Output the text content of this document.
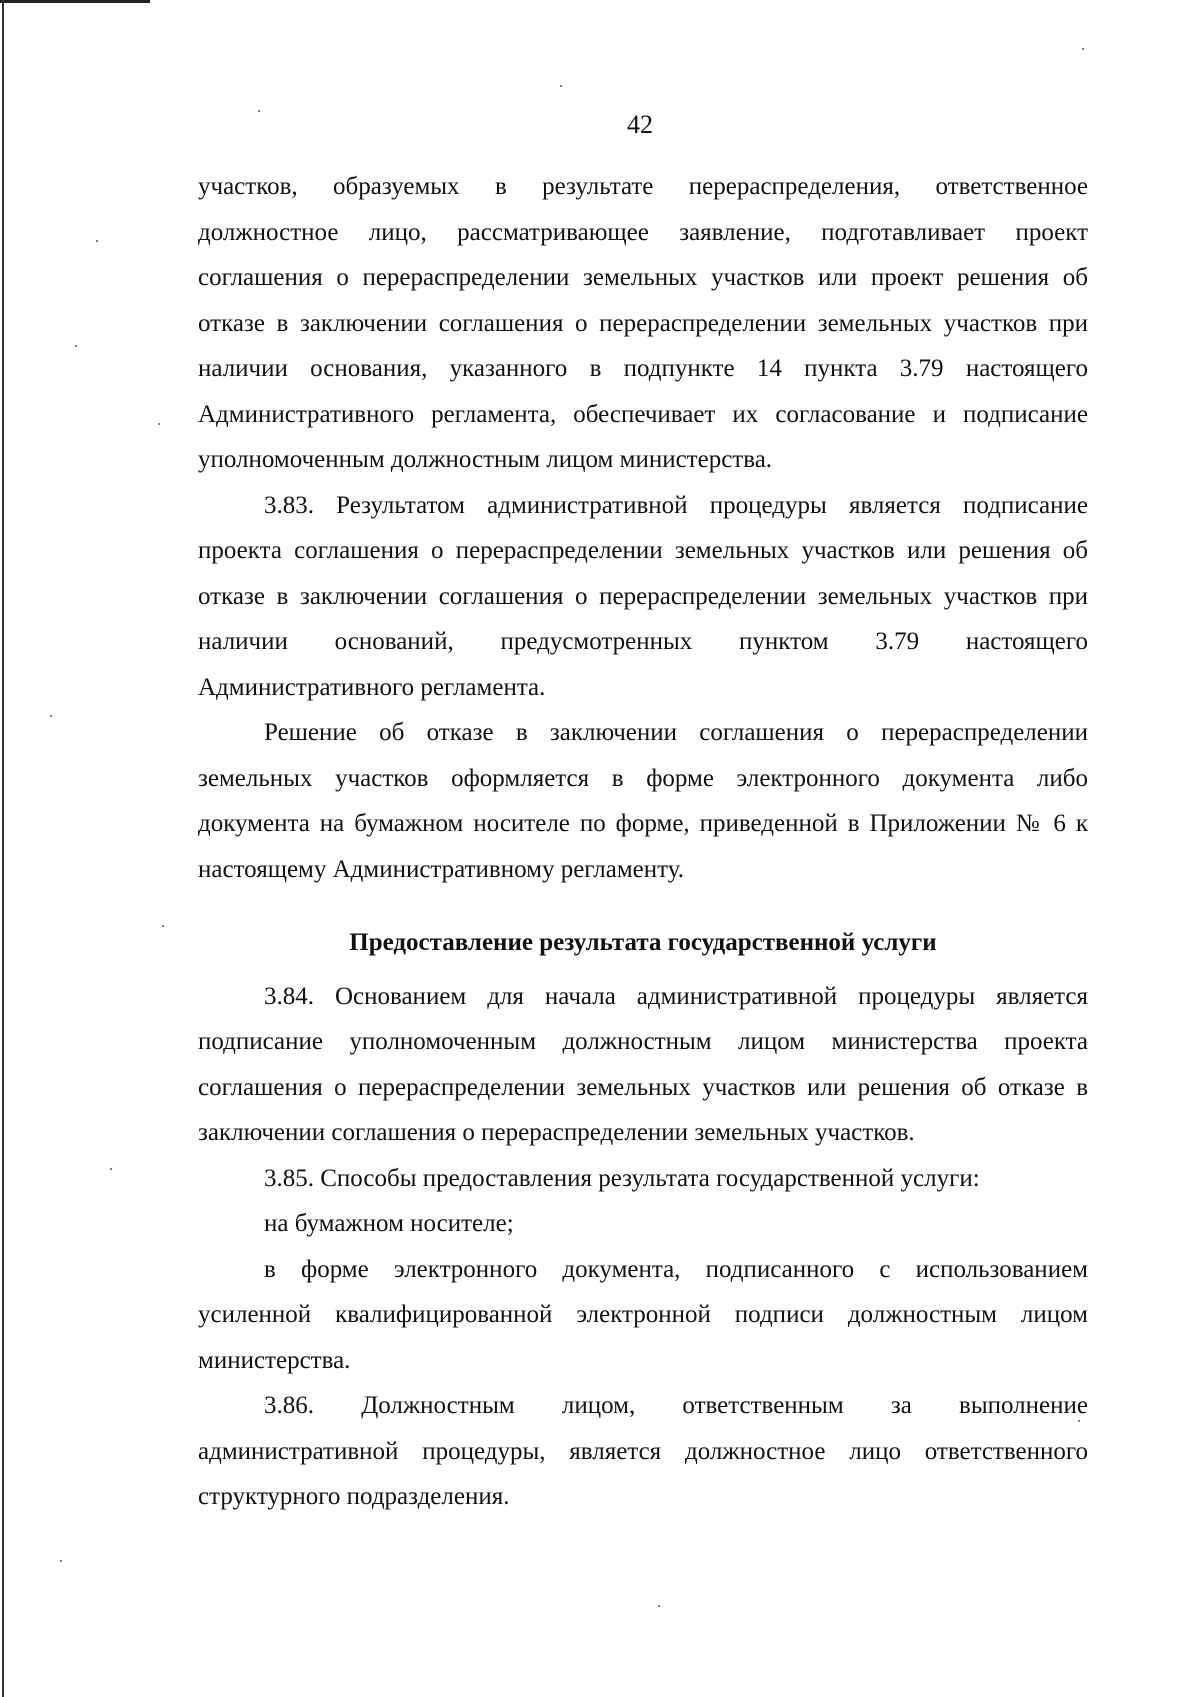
42

участков, образуемых в результате перераспределения, ответственное должностное лицо, рассматривающее заявление, подготавливает проект соглашения о перераспределении земельных участков или проект решения об отказе в заключении соглашения о перераспределении земельных участков при наличии основания, указанного в подпункте 14 пункта 3.79 настоящего Административного регламента, обеспечивает их согласование и подписание уполномоченным должностным лицом министерства.

3.83. Результатом административной процедуры является подписание проекта соглашения о перераспределении земельных участков или решения об отказе в заключении соглашения о перераспределении земельных участков при наличии оснований, предусмотренных пунктом 3.79 настоящего Административного регламента.

Решение об отказе в заключении соглашения о перераспределении земельных участков оформляется в форме электронного документа либо документа на бумажном носителе по форме, приведенной в Приложении № 6 к настоящему Административному регламенту.

Предоставление результата государственной услуги

3.84. Основанием для начала административной процедуры является подписание уполномоченным должностным лицом министерства проекта соглашения о перераспределении земельных участков или решения об отказе в заключении соглашения о перераспределении земельных участков.

3.85. Способы предоставления результата государственной услуги:

на бумажном носителе;

в форме электронного документа, подписанного с использованием усиленной квалифицированной электронной подписи должностным лицом министерства.

3.86. Должностным лицом, ответственным за выполнение административной процедуры, является должностное лицо ответственного структурного подразделения.
